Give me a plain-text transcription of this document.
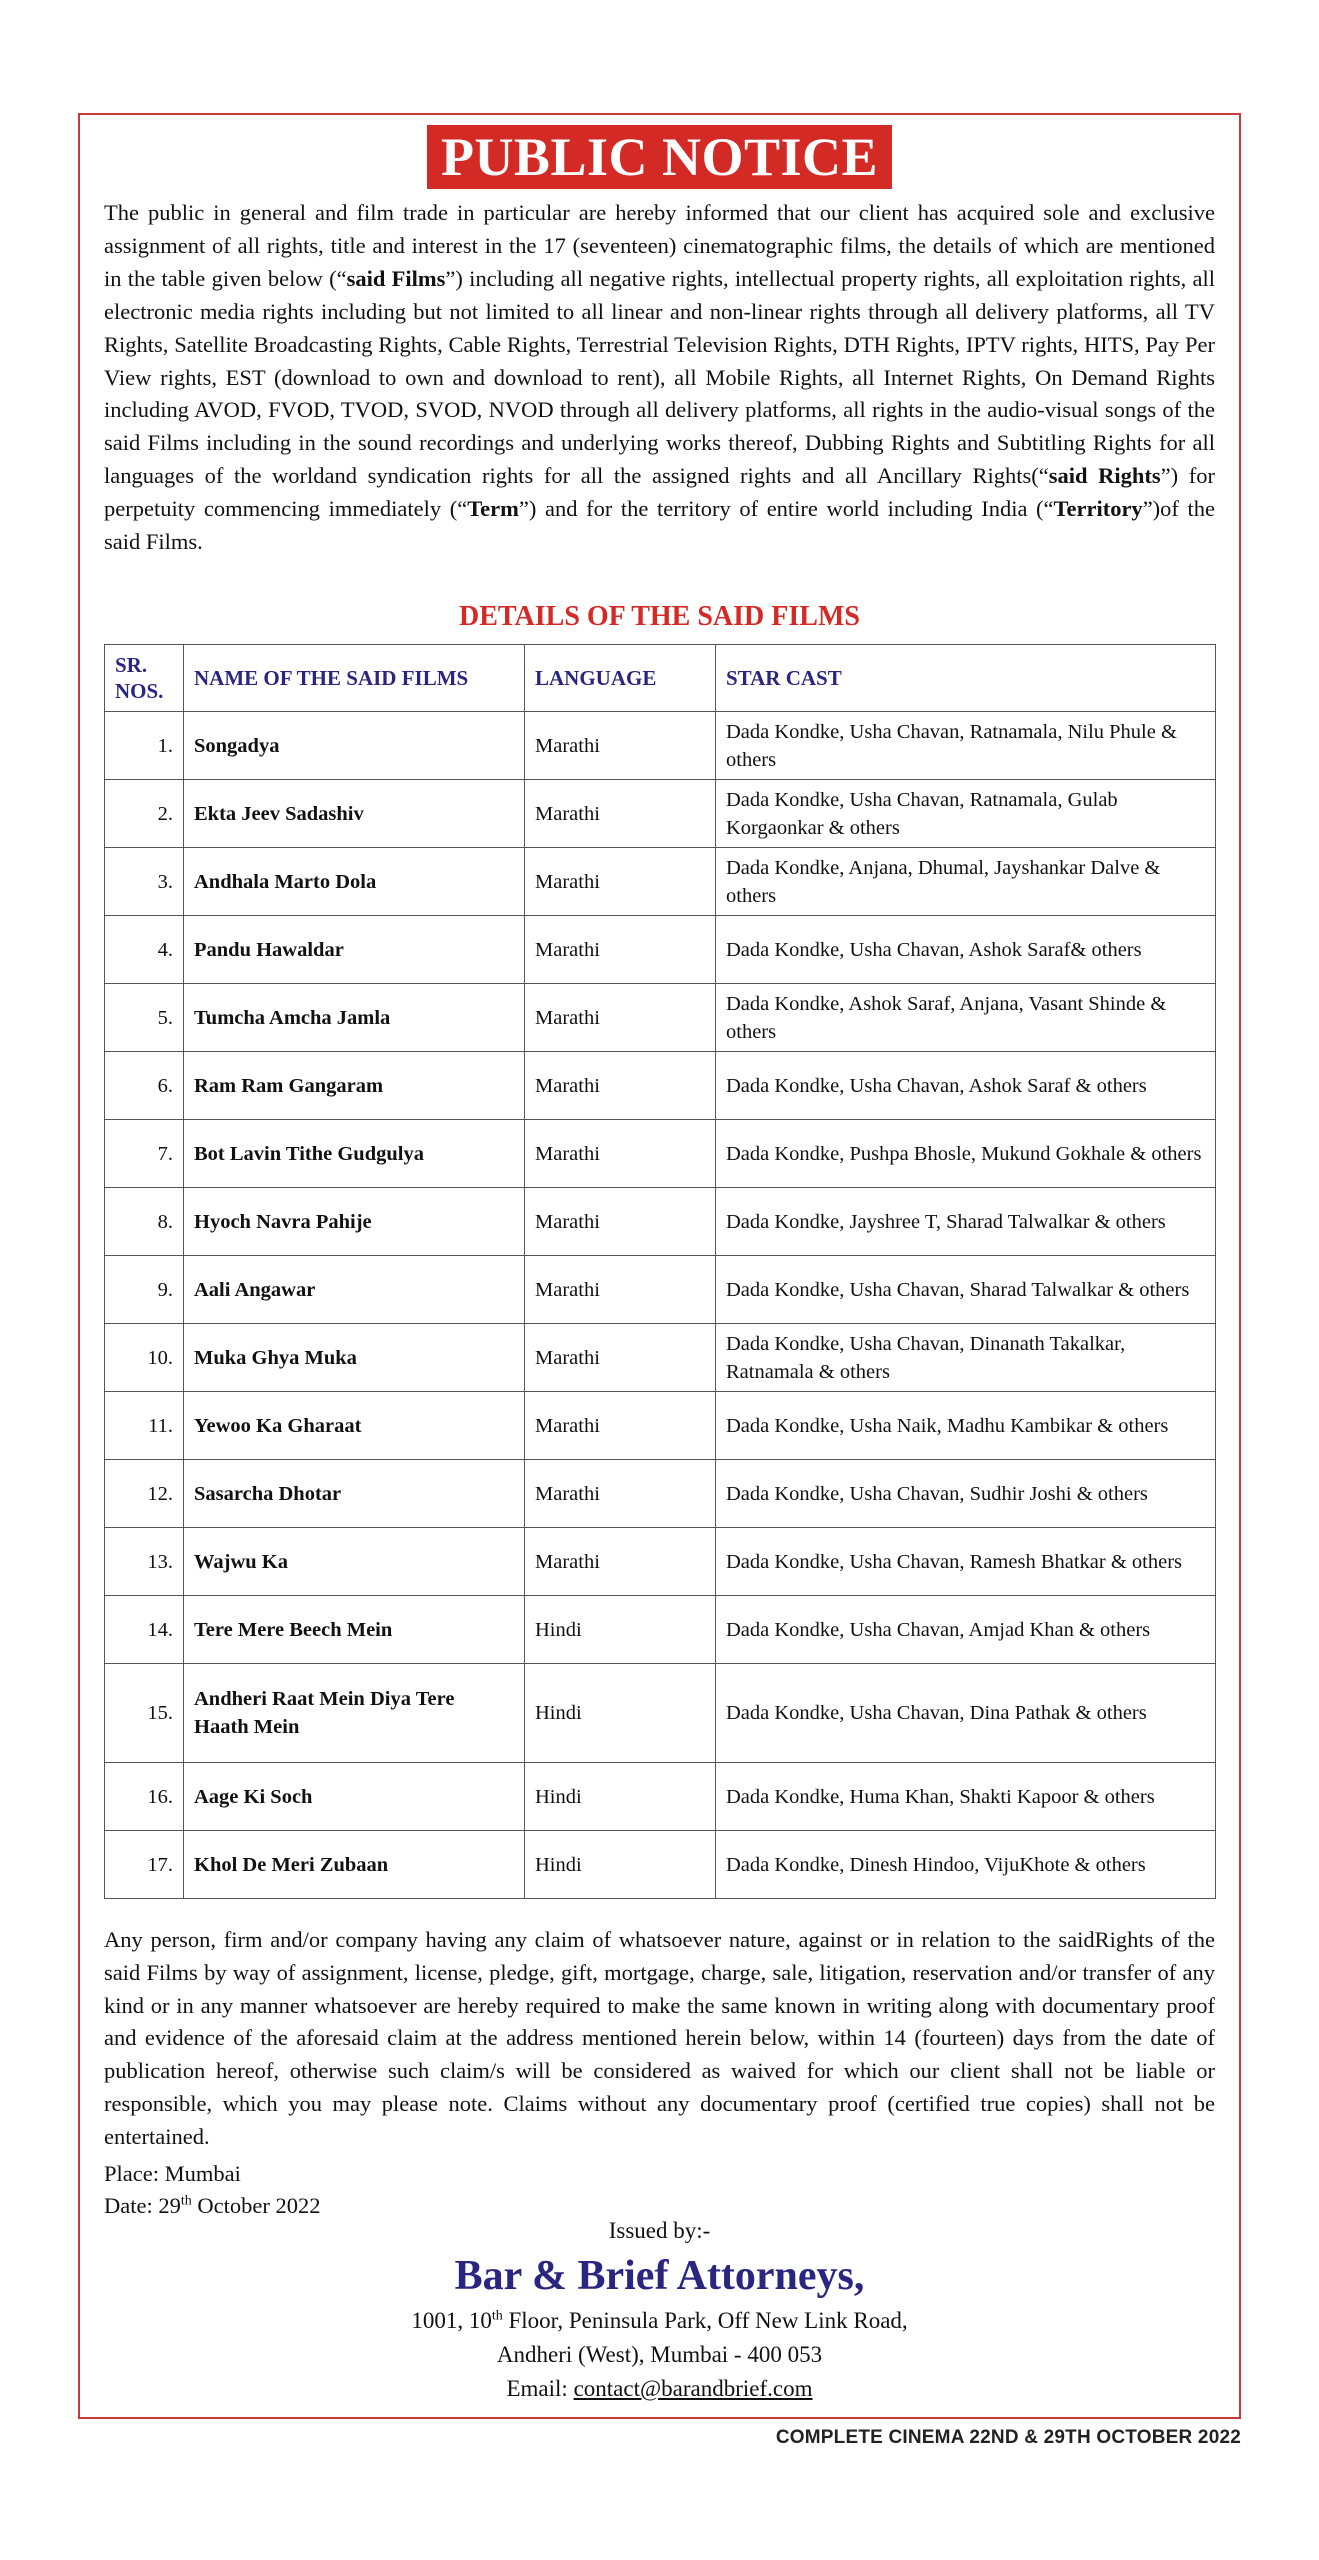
PUBLIC NOTICE
The public in general and film trade in particular are hereby informed that our client has acquired sole and exclusive assignment of all rights, title and interest in the 17 (seventeen) cinematographic films, the details of which are mentioned in the table given below (“said Films”) including all negative rights, intellectual property rights, all exploitation rights, all electronic media rights including but not limited to all linear and non-linear rights through all delivery platforms, all TV Rights, Satellite Broadcasting Rights, Cable Rights, Terrestrial Television Rights, DTH Rights, IPTV rights, HITS, Pay Per View rights, EST (download to own and download to rent), all Mobile Rights, all Internet Rights, On Demand Rights including AVOD, FVOD, TVOD, SVOD, NVOD through all delivery platforms, all rights in the audio-visual songs of the said Films including in the sound recordings and underlying works thereof, Dubbing Rights and Subtitling Rights for all languages of the worldand syndication rights for all the assigned rights and all Ancillary Rights(“said Rights”) for perpetuity commencing immediately (“Term”) and for the territory of entire world including India (“Territory”)of the said Films.
DETAILS OF THE SAID FILMS
SR. NOS.	NAME OF THE SAID FILMS	LANGUAGE	STAR CAST
1.	Songadya	Marathi	Dada Kondke, Usha Chavan, Ratnamala, Nilu Phule & others
2.	Ekta Jeev Sadashiv	Marathi	Dada Kondke, Usha Chavan, Ratnamala, Gulab Korgaonkar & others
3.	Andhala Marto Dola	Marathi	Dada Kondke, Anjana, Dhumal, Jayshankar Dalve & others
4.	Pandu Hawaldar	Marathi	Dada Kondke, Usha Chavan, Ashok Saraf& others
5.	Tumcha Amcha Jamla	Marathi	Dada Kondke, Ashok Saraf, Anjana, Vasant Shinde & others
6.	Ram Ram Gangaram	Marathi	Dada Kondke, Usha Chavan, Ashok Saraf & others
7.	Bot Lavin Tithe Gudgulya	Marathi	Dada Kondke, Pushpa Bhosle, Mukund Gokhale & others
8.	Hyoch Navra Pahije	Marathi	Dada Kondke, Jayshree T, Sharad Talwalkar & others
9.	Aali Angawar	Marathi	Dada Kondke, Usha Chavan, Sharad Talwalkar & others
10.	Muka Ghya Muka	Marathi	Dada Kondke, Usha Chavan, Dinanath Takalkar, Ratnamala & others
11.	Yewoo Ka Gharaat	Marathi	Dada Kondke, Usha Naik, Madhu Kambikar & others
12.	Sasarcha Dhotar	Marathi	Dada Kondke, Usha Chavan, Sudhir Joshi & others
13.	Wajwu Ka	Marathi	Dada Kondke, Usha Chavan, Ramesh Bhatkar & others
14.	Tere Mere Beech Mein	Hindi	Dada Kondke, Usha Chavan, Amjad Khan & others
15.	Andheri Raat Mein Diya Tere Haath Mein	Hindi	Dada Kondke, Usha Chavan, Dina Pathak & others
16.	Aage Ki Soch	Hindi	Dada Kondke, Huma Khan, Shakti Kapoor & others
17.	Khol De Meri Zubaan	Hindi	Dada Kondke, Dinesh Hindoo, VijuKhote & others
Any person, firm and/or company having any claim of whatsoever nature, against or in relation to the saidRights of the said Films by way of assignment, license, pledge, gift, mortgage, charge, sale, litigation, reservation and/or transfer of any kind or in any manner whatsoever are hereby required to make the same known in writing along with documentary proof and evidence of the aforesaid claim at the address mentioned herein below, within 14 (fourteen) days from the date of publication hereof, otherwise such claim/s will be considered as waived for which our client shall not be liable or responsible, which you may please note. Claims without any documentary proof (certified true copies) shall not be entertained.
Place: Mumbai
Date: 29th October 2022
Issued by:-
Bar & Brief Attorneys,
1001, 10th Floor, Peninsula Park, Off New Link Road,
Andheri (West), Mumbai - 400 053
Email: contact@barandbrief.com
COMPLETE CINEMA 22ND & 29TH OCTOBER 2022
